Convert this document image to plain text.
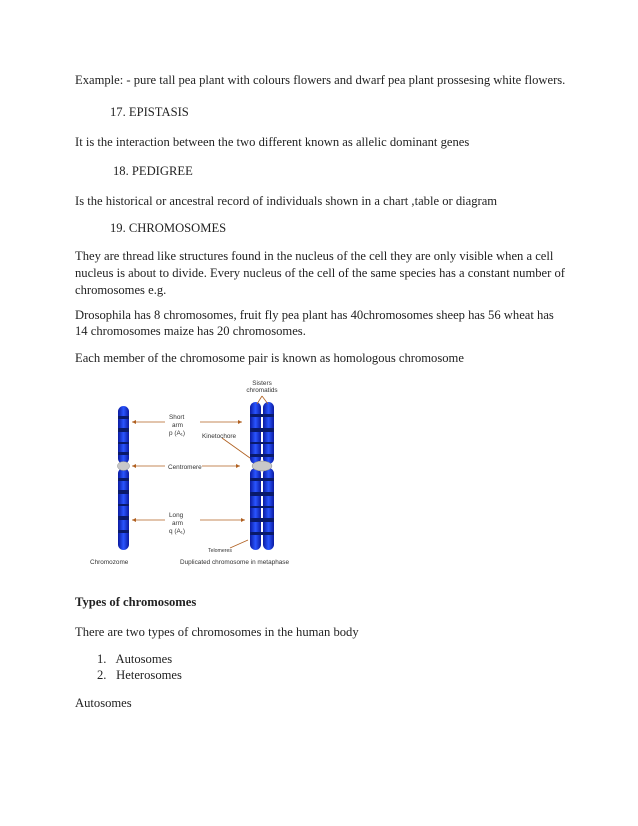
Example: - pure tall pea plant with colours flowers and dwarf pea plant prossesing white flowers.
17. EPISTASIS
It is the interaction between the two different known as allelic dominant genes
18. PEDIGREE
Is the historical or ancestral record of individuals shown in a chart ,table or diagram
19. CHROMOSOMES
They are thread like structures found in the nucleus of the cell they are only visible when a cell
nucleus is about to divide. Every nucleus of the cell of the same species has a constant number of
chromosomes e.g.
Drosophila has 8 chromosomes, fruit fly pea plant has 40chromosomes sheep has 56 wheat has
14 chromosomes maize has 20 chromosomes.
Each member of the chromosome pair is known as homologous chromosome
Sisters
chromatids
Short
arm
p (A₁)	Kinetochore
Centromere
Long
arm
q (A₁)
Telomeres
Chromozome	Duplicated chromosome in metaphase
Types of chromosomes
There are two types of chromosomes in the human body
1. Autosomes
2. Heterosomes
Autosomes
